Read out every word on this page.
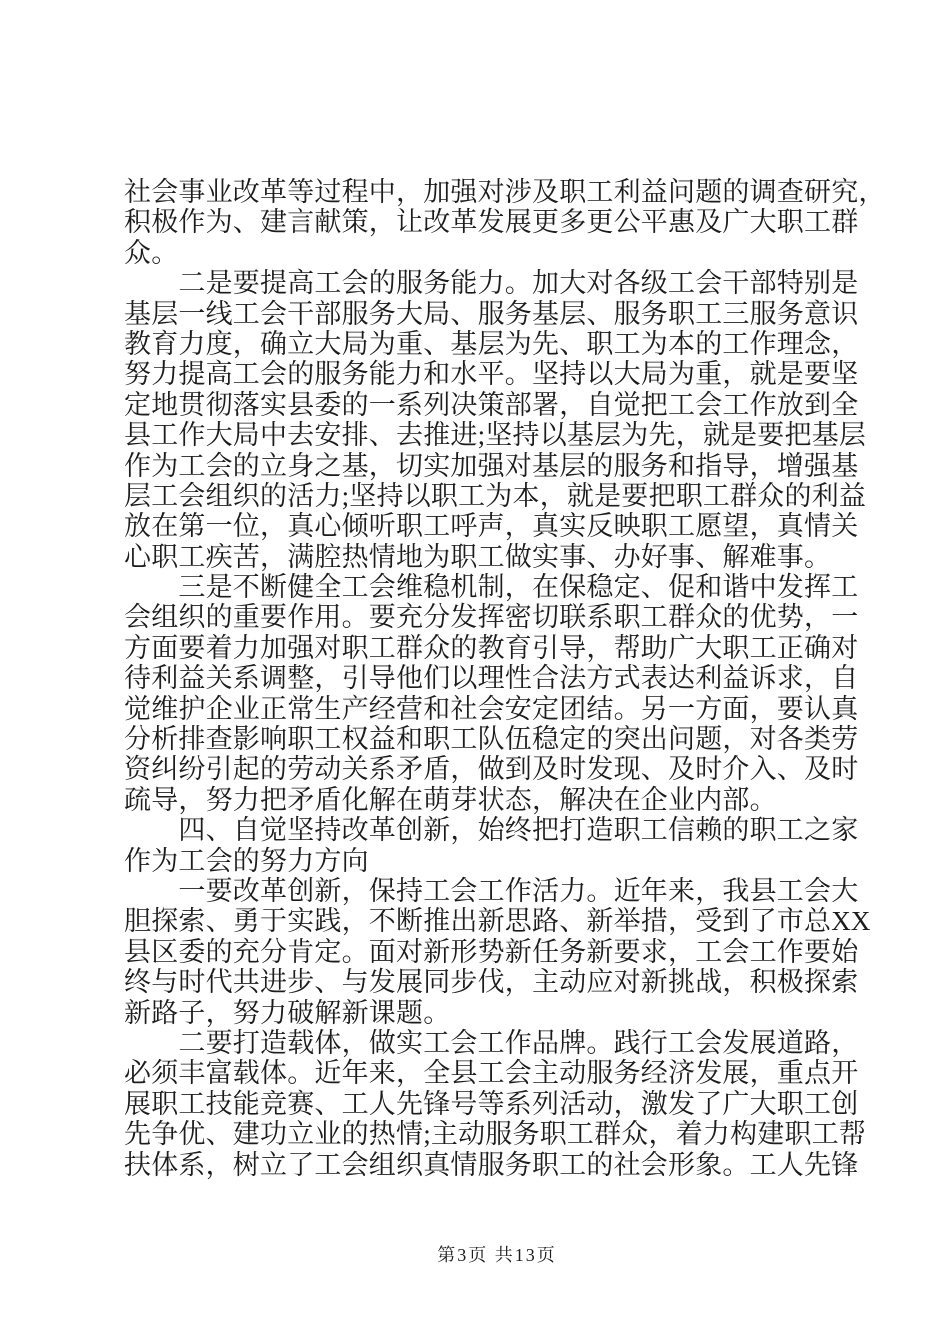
社会事业改革等过程中，加强对涉及职工利益问题的调查研究，
积极作为、建言献策，让改革发展更多更公平惠及广大职工群
众。
　　二是要提高工会的服务能力。加大对各级工会干部特别是
基层一线工会干部服务大局、服务基层、服务职工三服务意识
教育力度，确立大局为重、基层为先、职工为本的工作理念，
努力提高工会的服务能力和水平。坚持以大局为重，就是要坚
定地贯彻落实县委的一系列决策部署，自觉把工会工作放到全
县工作大局中去安排、去推进;坚持以基层为先，就是要把基层
作为工会的立身之基，切实加强对基层的服务和指导，增强基
层工会组织的活力;坚持以职工为本，就是要把职工群众的利益
放在第一位，真心倾听职工呼声，真实反映职工愿望，真情关
心职工疾苦，满腔热情地为职工做实事、办好事、解难事。
　　三是不断健全工会维稳机制，在保稳定、促和谐中发挥工
会组织的重要作用。要充分发挥密切联系职工群众的优势，一
方面要着力加强对职工群众的教育引导，帮助广大职工正确对
待利益关系调整，引导他们以理性合法方式表达利益诉求，自
觉维护企业正常生产经营和社会安定团结。另一方面，要认真
分析排查影响职工权益和职工队伍稳定的突出问题，对各类劳
资纠纷引起的劳动关系矛盾，做到及时发现、及时介入、及时
疏导，努力把矛盾化解在萌芽状态，解决在企业内部。
　　四、自觉坚持改革创新，始终把打造职工信赖的职工之家
作为工会的努力方向
　　一要改革创新，保持工会工作活力。近年来，我县工会大
胆探索、勇于实践，不断推出新思路、新举措，受到了市总XX
县区委的充分肯定。面对新形势新任务新要求，工会工作要始
终与时代共进步、与发展同步伐，主动应对新挑战，积极探索
新路子，努力破解新课题。
　　二要打造载体，做实工会工作品牌。践行工会发展道路，
必须丰富载体。近年来，全县工会主动服务经济发展，重点开
展职工技能竞赛、工人先锋号等系列活动，激发了广大职工创
先争优、建功立业的热情;主动服务职工群众，着力构建职工帮
扶体系，树立了工会组织真情服务职工的社会形象。工人先锋
第3页 共13页
